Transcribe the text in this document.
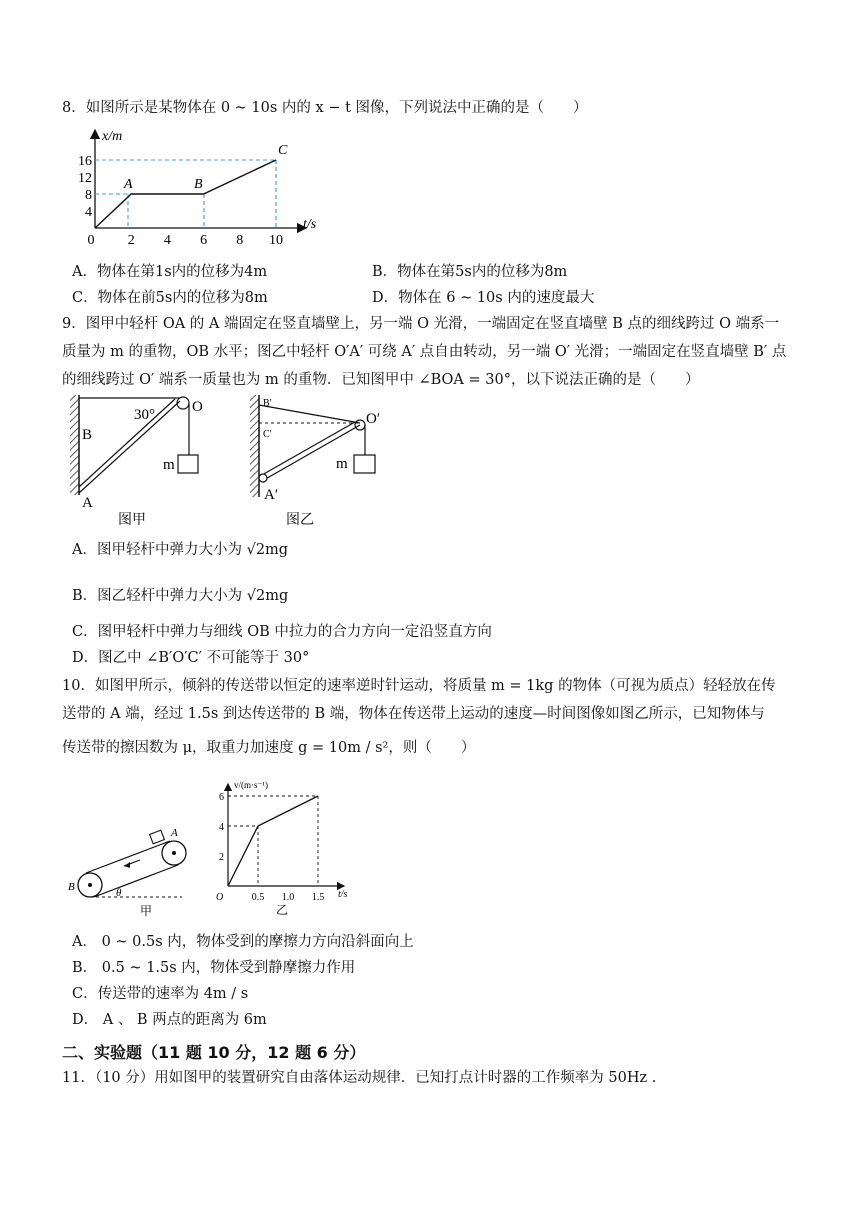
8．如图所示是某物体在 0 ~ 10s 内的 x − t 图像，下列说法中正确的是（　　）
x/m
t/s
4
8
12
16
0 2 4 6 8 10
A	B
C
A．物体在第1s内的位移为4m	B．物体在第5s内的位移为8m
C．物体在前5s内的位移为8m	D．物体在 6 ~ 10s 内的速度最大
9．图甲中轻杆 OA 的 A 端固定在竖直墙壁上，另一端 O 光滑，一端固定在竖直墙壁 B 点的细线跨过 O 端系一
质量为 m 的重物，OB 水平；图乙中轻杆 O′A′ 可绕 A′ 点自由转动，另一端 O′ 光滑；一端固定在竖直墙壁 B′ 点
的细线跨过 O′ 端系一质量也为 m 的重物．已知图甲中 ∠BOA = 30°，以下说法正确的是（　　）
B
A
30° O
m
图甲
B′
C′
O′
m
A′
图乙
A．图甲轻杆中弹力大小为 √2mg
B．图乙轻杆中弹力大小为 √2mg
C．图甲轻杆中弹力与细线 OB 中拉力的合力方向一定沿竖直方向
D．图乙中 ∠B′O′C′ 不可能等于 30°
10．如图甲所示，倾斜的传送带以恒定的速率逆时针运动，将质量 m = 1kg 的物体（可视为质点）轻轻放在传
送带的 A 端，经过 1.5s 到达传送带的 B 端，物体在传送带上运动的速度—时间图像如图乙所示，已知物体与
传送带的擦因数为 μ，取重力加速度 g = 10m / s²，则（　　）
A
B	θ
甲
v/(m·s⁻¹)
t/s
O
2
4
6
0.5 1.0 1.5
乙
A． 0 ~ 0.5s 内，物体受到的摩擦力方向沿斜面向上
B． 0.5 ~ 1.5s 内，物体受到静摩擦力作用
C．传送带的速率为 4m / s
D． A 、 B 两点的距离为 6m
二、实验题（11 题 10 分，12 题 6 分）
11．（10 分）用如图甲的装置研究自由落体运动规律．已知打点计时器的工作频率为 50Hz .
